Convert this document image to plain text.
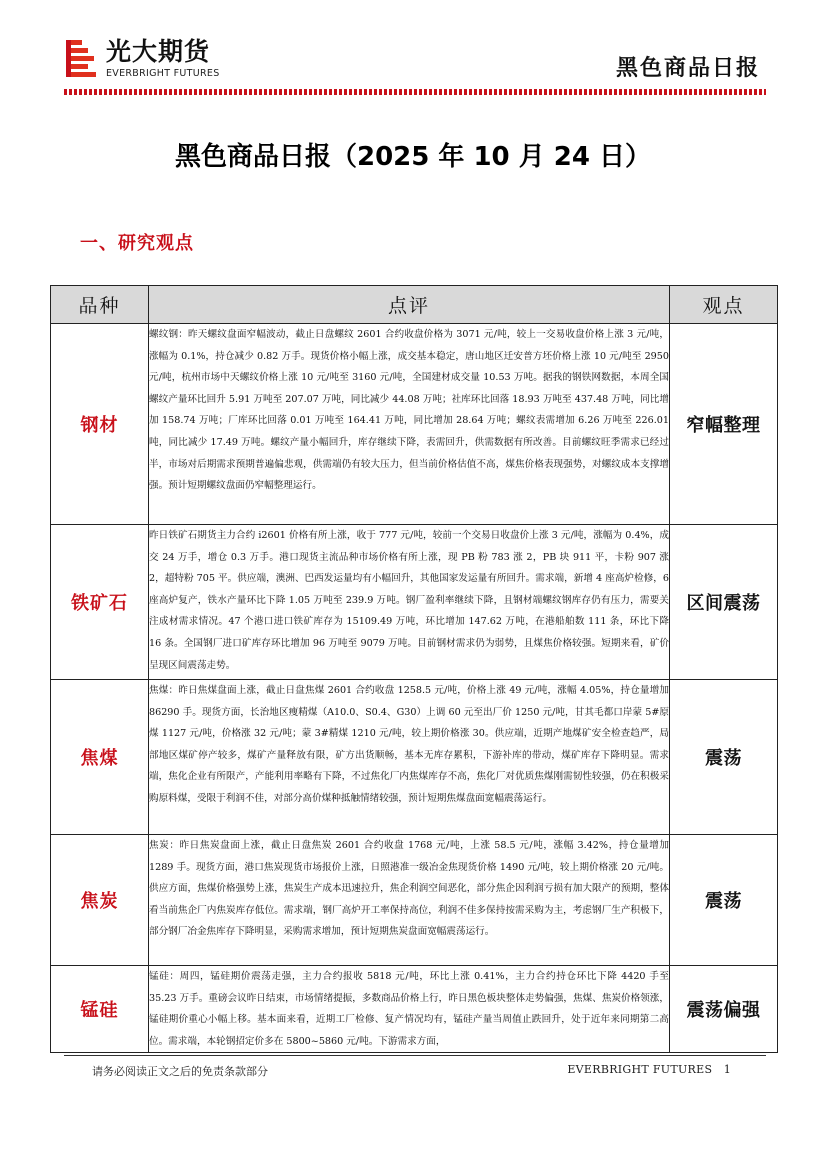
光大期货
EVERBRIGHT FUTURES	黑色商品日报
黑色商品日报（2025 年 10 月 24 日）
一、研究观点
品种	点评	观点
钢材	螺纹钢：昨天螺纹盘面窄幅波动，截止日盘螺纹 2601 合约收盘价格为 3071 元/吨，较上一交易收盘价格上涨 3 元/吨，涨幅为 0.1%，持仓减少 0.82 万手。现货价格小幅上涨，成交基本稳定，唐山地区迁安普方坯价格上涨 10 元/吨至 2950 元/吨，杭州市场中天螺纹价格上涨 10 元/吨至 3160 元/吨，全国建材成交量 10.53 万吨。据我的钢铁网数据，本周全国螺纹产量环比回升 5.91 万吨至 207.07 万吨，同比减少 44.08 万吨；社库环比回落 18.93 万吨至 437.48 万吨，同比增加 158.74 万吨；厂库环比回落 0.01 万吨至 164.41 万吨，同比增加 28.64 万吨；螺纹表需增加 6.26 万吨至 226.01 吨，同比减少 17.49 万吨。螺纹产量小幅回升，库存继续下降，表需回升，供需数据有所改善。目前螺纹旺季需求已经过半，市场对后期需求预期普遍偏悲观，供需端仍有较大压力，但当前价格估值不高，煤焦价格表现强势，对螺纹成本支撑增强。预计短期螺纹盘面仍窄幅整理运行。	窄幅整理
铁矿石	昨日铁矿石期货主力合约 i2601 价格有所上涨，收于 777 元/吨，较前一个交易日收盘价上涨 3 元/吨，涨幅为 0.4%，成交 24 万手，增仓 0.3 万手。港口现货主流品种市场价格有所上涨，现 PB 粉 783 涨 2，PB 块 911 平，卡粉 907 涨 2，超特粉 705 平。供应端，澳洲、巴西发运量均有小幅回升，其他国家发运量有所回升。需求端，新增 4 座高炉检修，6 座高炉复产，铁水产量环比下降 1.05 万吨至 239.9 万吨。钢厂盈利率继续下降，且钢材端螺纹钢库存仍有压力，需要关注成材需求情况。47 个港口进口铁矿库存为 15109.49 万吨，环比增加 147.62 万吨，在港船舶数 111 条，环比下降 16 条。全国钢厂进口矿库存环比增加 96 万吨至 9079 万吨。目前钢材需求仍为弱势，且煤焦价格较强。短期来看，矿价呈现区间震荡走势。	区间震荡
焦煤	焦煤：昨日焦煤盘面上涨，截止日盘焦煤 2601 合约收盘 1258.5 元/吨，价格上涨 49 元/吨，涨幅 4.05%，持仓量增加 86290 手。现货方面，长治地区瘦精煤（A10.0、S0.4、G30）上调 60 元至出厂价 1250 元/吨，甘其毛都口岸蒙 5#原煤 1127 元/吨，价格涨 32 元/吨；蒙 3#精煤 1210 元/吨，较上期价格涨 30。供应端，近期产地煤矿安全检查趋严，局部地区煤矿停产较多，煤矿产量释放有限，矿方出货顺畅，基本无库存累积，下游补库的带动，煤矿库存下降明显。需求端，焦化企业有所限产，产能利用率略有下降，不过焦化厂内焦煤库存不高，焦化厂对优质焦煤刚需韧性较强，仍在积极采购原料煤，受限于利润不佳，对部分高价煤种抵触情绪较强，预计短期焦煤盘面宽幅震荡运行。	震荡
焦炭	焦炭：昨日焦炭盘面上涨，截止日盘焦炭 2601 合约收盘 1768 元/吨，上涨 58.5 元/吨，涨幅 3.42%，持仓量增加 1289 手。现货方面，港口焦炭现货市场报价上涨，日照港准一级冶金焦现货价格 1490 元/吨，较上期价格涨 20 元/吨。供应方面，焦煤价格强势上涨，焦炭生产成本迅速拉升，焦企利润空间恶化，部分焦企因利润亏损有加大限产的预期，整体看当前焦企厂内焦炭库存低位。需求端，钢厂高炉开工率保持高位，利润不佳多保持按需采购为主，考虑钢厂生产积极下，部分钢厂冶金焦库存下降明显，采购需求增加，预计短期焦炭盘面宽幅震荡运行。	震荡
锰硅	锰硅：周四，锰硅期价震荡走强，主力合约报收 5818 元/吨，环比上涨 0.41%，主力合约持仓环比下降 4420 手至 35.23 万手。重磅会议昨日结束，市场情绪提振，多数商品价格上行，昨日黑色板块整体走势偏强，焦煤、焦炭价格领涨，锰硅期价重心小幅上移。基本面来看，近期工厂检修、复产情况均有，锰硅产量当周值止跌回升，处于近年来同期第二高位。需求端，本轮钢招定价多在 5800~5860 元/吨。下游需求方面，	震荡偏强
请务必阅读正文之后的免责条款部分	EVERBRIGHT FUTURES 1
